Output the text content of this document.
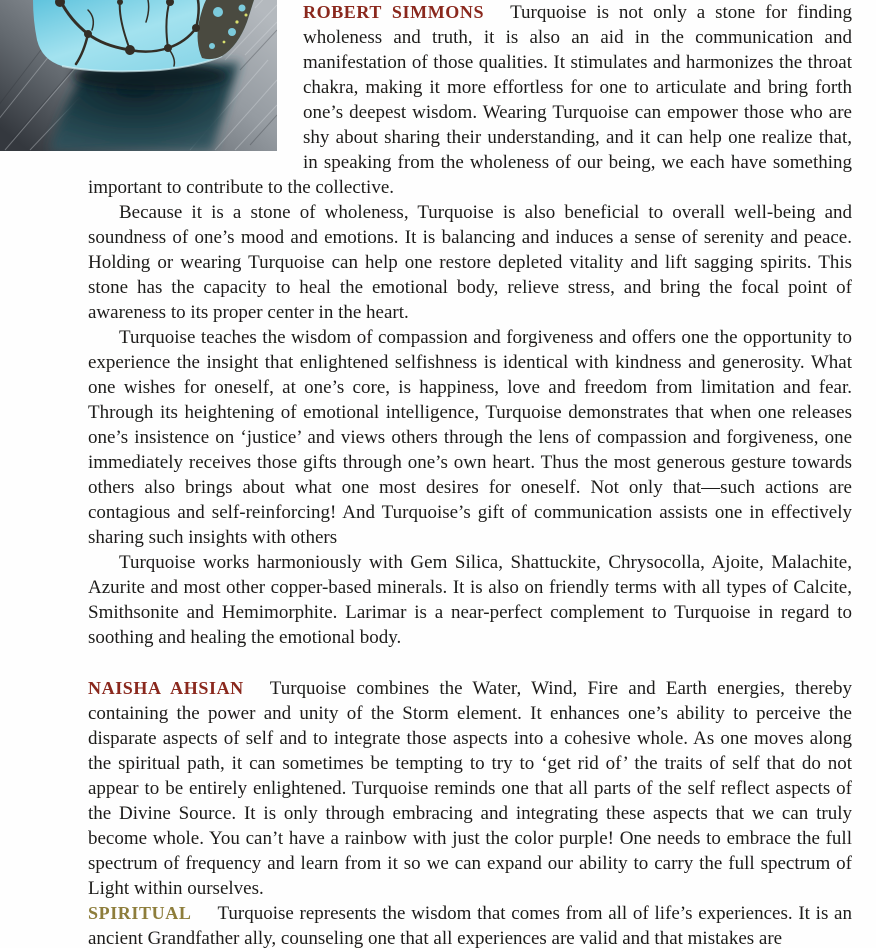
ROBERT SIMMONS Turquoise is not only a stone for finding wholeness and truth, it is also an aid in the communication and manifestation of those qualities. It stimulates and harmonizes the throat chakra, making it more effortless for one to articulate and bring forth one’s deepest wisdom. Wearing Turquoise can empower those who are shy about sharing their understanding, and it can help one realize that, in speaking from the wholeness of our being, we each have something important to contribute to the collective.

Because it is a stone of wholeness, Turquoise is also beneficial to overall well-being and soundness of one’s mood and emotions. It is balancing and induces a sense of serenity and peace. Holding or wearing Turquoise can help one restore depleted vitality and lift sagging spirits. This stone has the capacity to heal the emotional body, relieve stress, and bring the focal point of awareness to its proper center in the heart.

Turquoise teaches the wisdom of compassion and forgiveness and offers one the opportunity to experience the insight that enlightened selfishness is identical with kindness and generosity. What one wishes for oneself, at one’s core, is happiness, love and freedom from limitation and fear. Through its heightening of emotional intelligence, Turquoise demonstrates that when one releases one’s insistence on ‘justice’ and views others through the lens of compassion and forgiveness, one immediately receives those gifts through one’s own heart. Thus the most generous gesture towards others also brings about what one most desires for oneself. Not only that—such actions are contagious and self-reinforcing! And Turquoise’s gift of communication assists one in effectively sharing such insights with others

Turquoise works harmoniously with Gem Silica, Shattuckite, Chrysocolla, Ajoite, Malachite, Azurite and most other copper-based minerals. It is also on friendly terms with all types of Calcite, Smithsonite and Hemimorphite. Larimar is a near-perfect complement to Turquoise in regard to soothing and healing the emotional body.

NAISHA AHSIAN Turquoise combines the Water, Wind, Fire and Earth energies, thereby containing the power and unity of the Storm element. It enhances one’s ability to perceive the disparate aspects of self and to integrate those aspects into a cohesive whole. As one moves along the spiritual path, it can sometimes be tempting to try to ‘get rid of’ the traits of self that do not appear to be entirely enlightened. Turquoise reminds one that all parts of the self reflect aspects of the Divine Source. It is only through embracing and integrating these aspects that we can truly become whole. You can’t have a rainbow with just the color purple! One needs to embrace the full spectrum of frequency and learn from it so we can expand our ability to carry the full spectrum of Light within ourselves.

SPIRITUAL Turquoise represents the wisdom that comes from all of life’s experiences. It is an ancient Grandfather ally, counseling one that all experiences are valid and that mistakes are
